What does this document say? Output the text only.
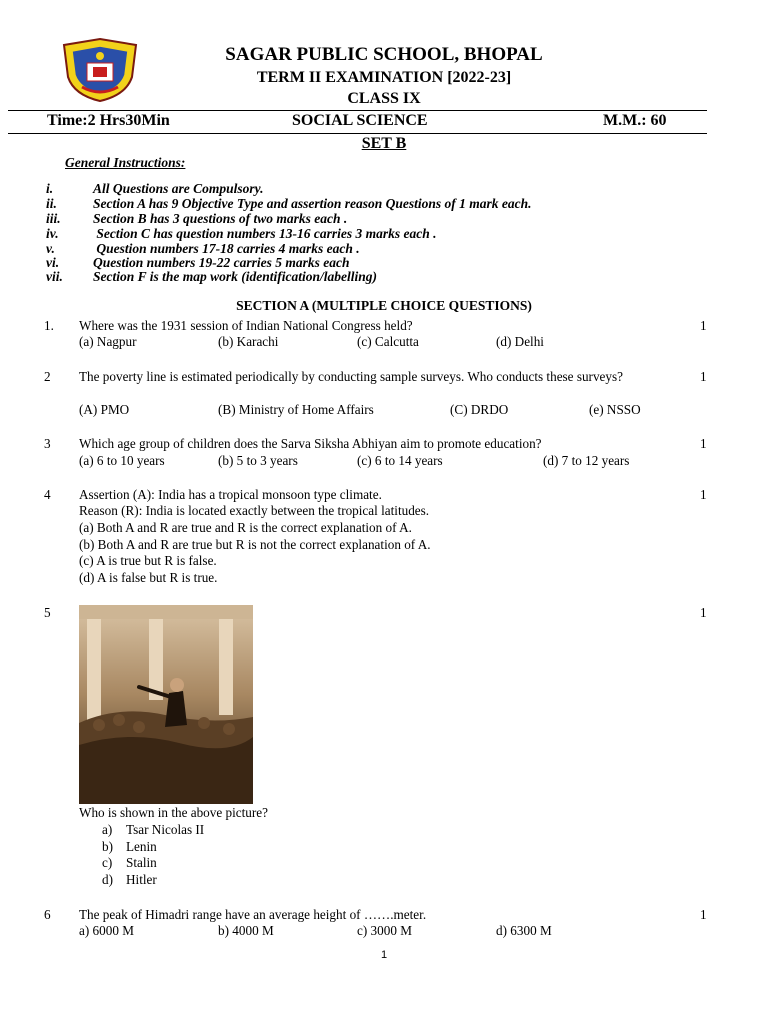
SAGAR PUBLIC SCHOOL, BHOPAL
TERM II EXAMINATION [2022-23]
CLASS IX
Time:2 Hrs30Min	SOCIAL SCIENCE	M.M.: 60
SET B
General Instructions:
i.	All Questions are Compulsory.
ii.	Section A has 9 Objective Type and assertion reason Questions of 1 mark each.
iii. Section B has 3 questions of two marks each .
iv.	Section C has question numbers 13-16 carries 3 marks each .
v.	Question numbers 17-18 carries 4 marks each .
vi.	Question numbers 19-22 carries 5 marks each
vii. Section F is the map work (identification/labelling)
SECTION A (MULTIPLE CHOICE QUESTIONS)
1. Where was the 1931 session of Indian National Congress held?	1
(a) Nagpur	(b) Karachi	(c) Calcutta	(d) Delhi
2 The poverty line is estimated periodically by conducting sample surveys. Who conducts these surveys?	1
(A) PMO	(B) Ministry of Home Affairs	(C) DRDO	(e) NSSO
3 Which age group of children does the Sarva Siksha Abhiyan aim to promote education?	1
(a) 6 to 10 years	(b) 5 to 3 years	(c) 6 to 14 years	(d) 7 to 12 years
4	1
Assertion (A): India has a tropical monsoon type climate.
Reason (R): India is located exactly between the tropical latitudes.
(a) Both A and R are true and R is the correct explanation of A.
(b) Both A and R are true but R is not the correct explanation of A.
(c) A is true but R is false.
(d) A is false but R is true.
5	1
Who is shown in the above picture?
a) Tsar Nicolas II
b) Lenin
c) Stalin
d) Hitler
6 The peak of Himadri range have an average height of …….meter.	1
a) 6000 M	b) 4000 M	c) 3000 M	d) 6300 M
1
